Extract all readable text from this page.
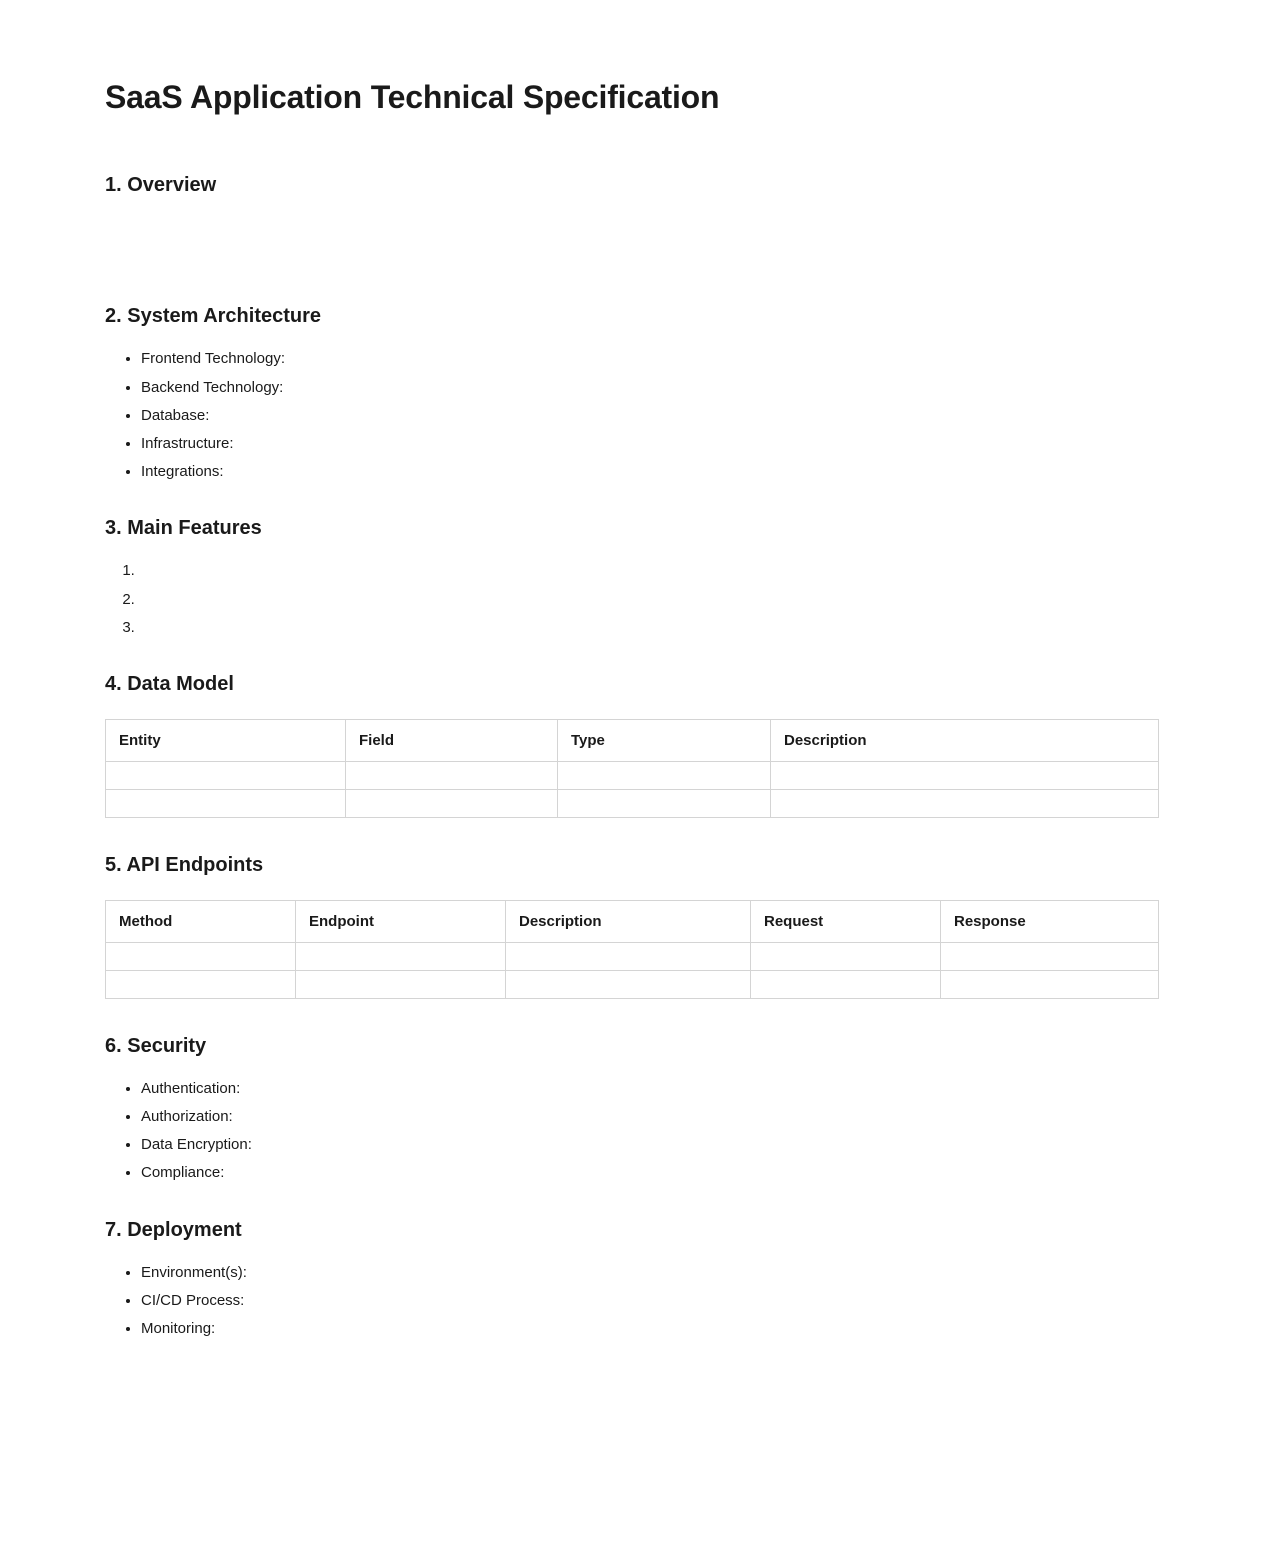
SaaS Application Technical Specification
1. Overview

2. System Architecture
• Frontend Technology:
• Backend Technology:
• Database:
• Infrastructure:
• Integrations:
3. Main Features
1.
2.
3.
4. Data Model
Entity	Field	Type	Description

5. API Endpoints
Method	Endpoint	Description	Request	Response

6. Security
• Authentication:
• Authorization:
• Data Encryption:
• Compliance:
7. Deployment
• Environment(s):
• CI/CD Process:
• Monitoring:
